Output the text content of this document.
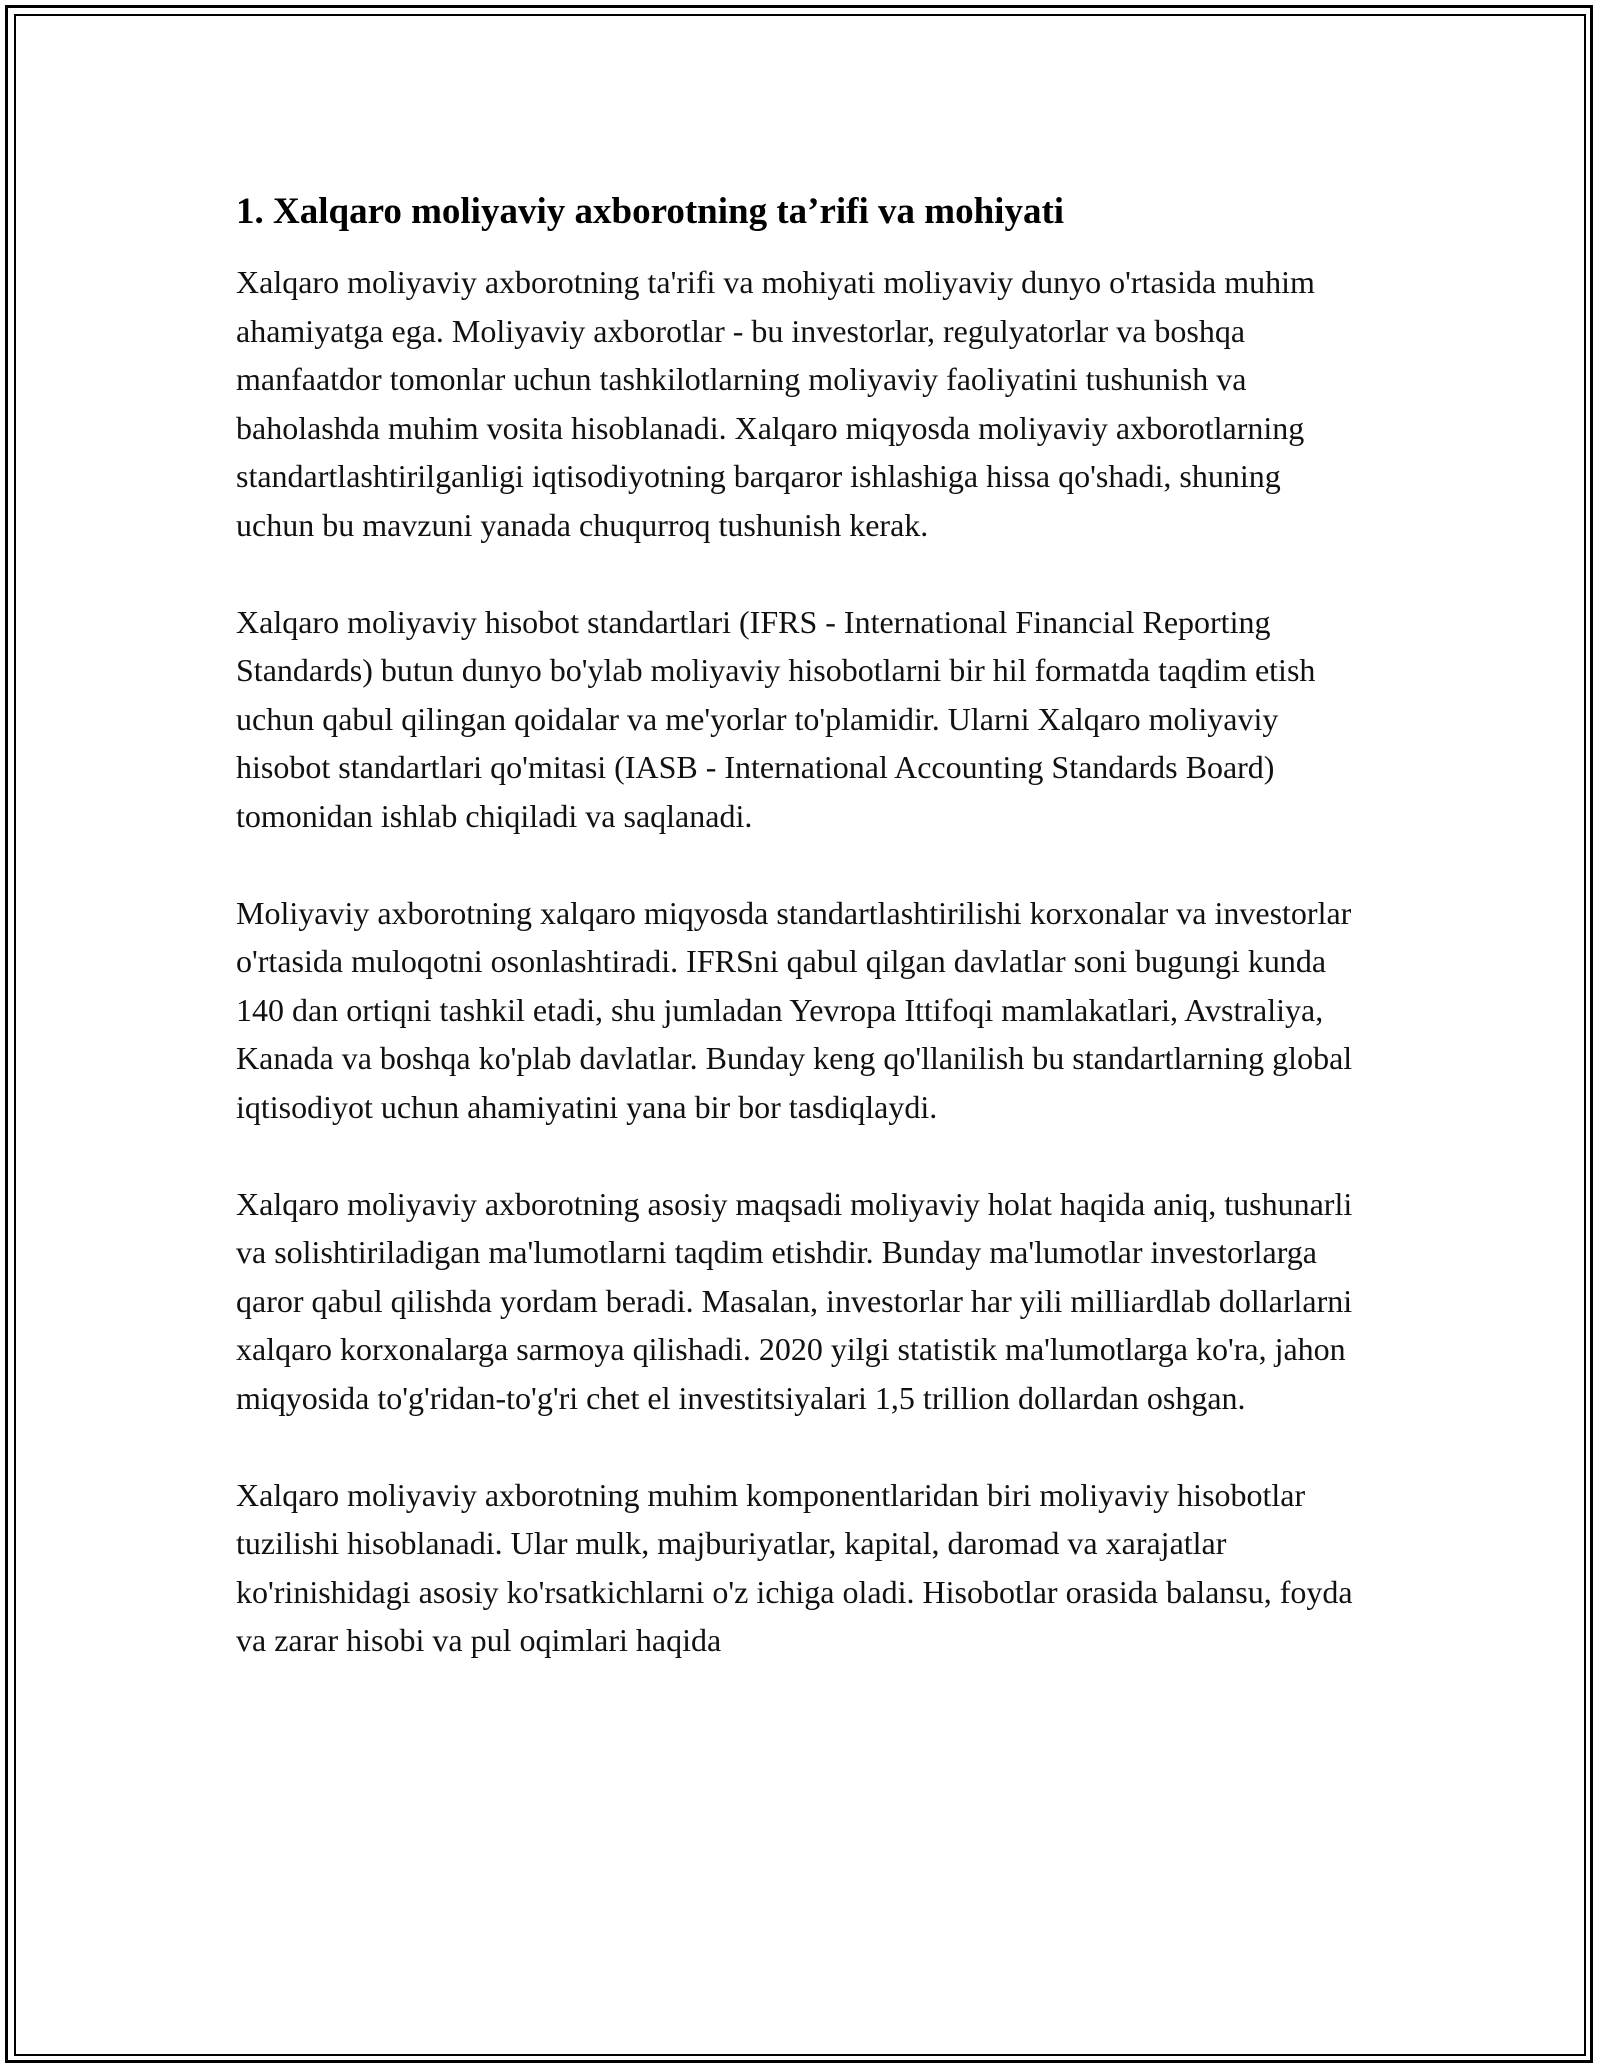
1. Xalqaro moliyaviy axborotning ta’rifi va mohiyati

Xalqaro moliyaviy axborotning ta'rifi va mohiyati moliyaviy dunyo o'rtasida muhim ahamiyatga ega. Moliyaviy axborotlar - bu investorlar, regulyatorlar va boshqa manfaatdor tomonlar uchun tashkilotlarning moliyaviy faoliyatini tushunish va baholashda muhim vosita hisoblanadi. Xalqaro miqyosda moliyaviy axborotlarning standartlashtirilganligi iqtisodiyotning barqaror ishlashiga hissa qo'shadi, shuning uchun bu mavzuni yanada chuqurroq tushunish kerak.

Xalqaro moliyaviy hisobot standartlari (IFRS - International Financial Reporting Standards) butun dunyo bo'ylab moliyaviy hisobotlarni bir hil formatda taqdim etish uchun qabul qilingan qoidalar va me'yorlar to'plamidir. Ularni Xalqaro moliyaviy hisobot standartlari qo'mitasi (IASB - International Accounting Standards Board) tomonidan ishlab chiqiladi va saqlanadi.

Moliyaviy axborotning xalqaro miqyosda standartlashtirilishi korxonalar va investorlar o'rtasida muloqotni osonlashtiradi. IFRSni qabul qilgan davlatlar soni bugungi kunda 140 dan ortiqni tashkil etadi, shu jumladan Yevropa Ittifoqi mamlakatlari, Avstraliya, Kanada va boshqa ko'plab davlatlar. Bunday keng qo'llanilish bu standartlarning global iqtisodiyot uchun ahamiyatini yana bir bor tasdiqlaydi.

Xalqaro moliyaviy axborotning asosiy maqsadi moliyaviy holat haqida aniq, tushunarli va solishtiriladigan ma'lumotlarni taqdim etishdir. Bunday ma'lumotlar investorlarga qaror qabul qilishda yordam beradi. Masalan, investorlar har yili milliardlab dollarlarni xalqaro korxonalarga sarmoya qilishadi. 2020 yilgi statistik ma'lumotlarga ko'ra, jahon miqyosida to'g'ridan-to'g'ri chet el investitsiyalari 1,5 trillion dollardan oshgan.

Xalqaro moliyaviy axborotning muhim komponentlaridan biri moliyaviy hisobotlar tuzilishi hisoblanadi. Ular mulk, majburiyatlar, kapital, daromad va xarajatlar ko'rinishidagi asosiy ko'rsatkichlarni o'z ichiga oladi. Hisobotlar orasida balansu, foyda va zarar hisobi va pul oqimlari haqida
